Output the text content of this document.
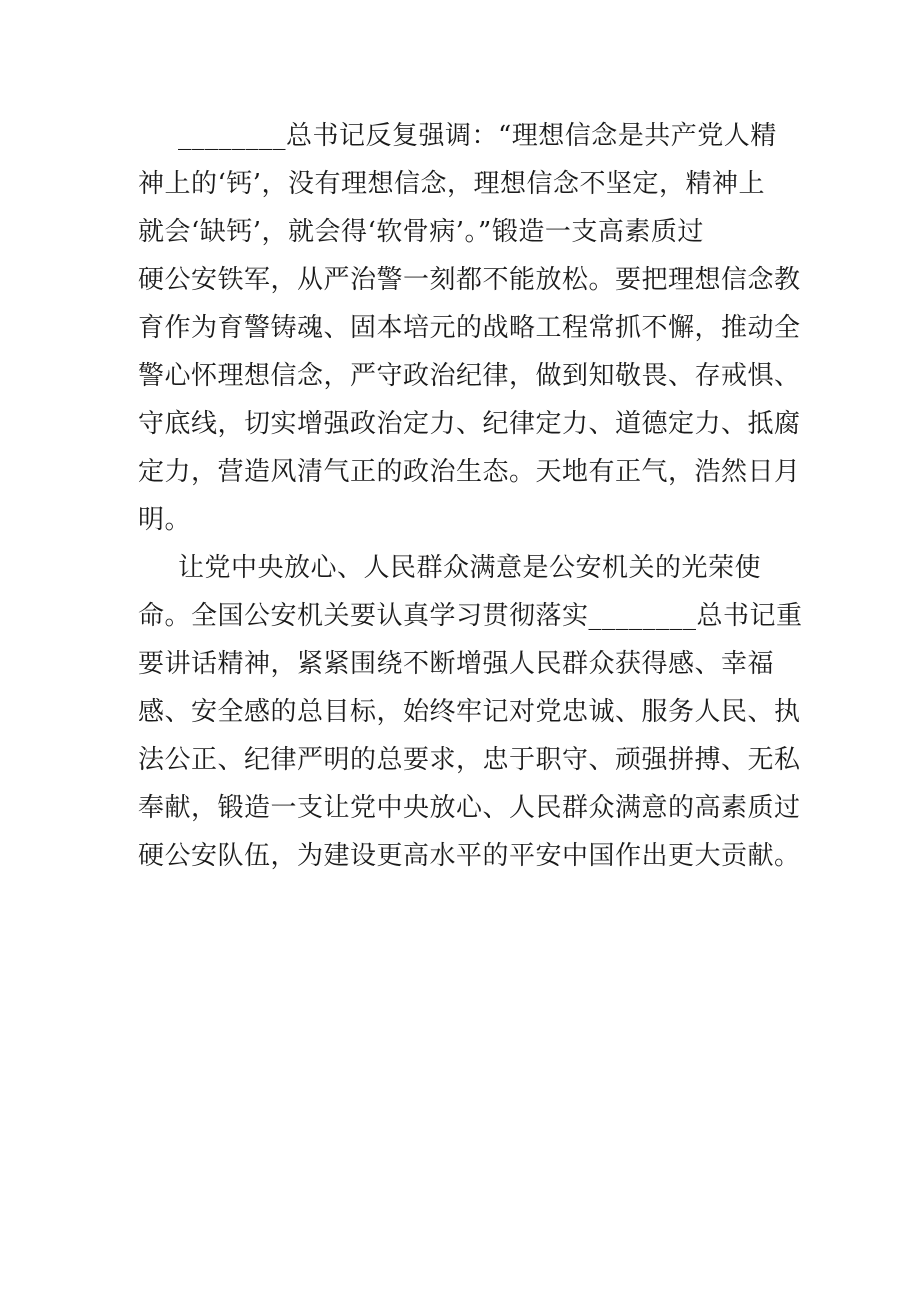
________总书记反复强调：“理想信念是共产党人精
神上的‘钙’，没有理想信念，理想信念不坚定，精神上
就会‘缺钙’，就会得‘软骨病’。”锻造一支高素质过
硬公安铁军，从严治警一刻都不能放松。要把理想信念教
育作为育警铸魂、固本培元的战略工程常抓不懈，推动全
警心怀理想信念，严守政治纪律，做到知敬畏、存戒惧、
守底线，切实增强政治定力、纪律定力、道德定力、抵腐
定力，营造风清气正的政治生态。天地有正气，浩然日月
明。
让党中央放心、人民群众满意是公安机关的光荣使
命。全国公安机关要认真学习贯彻落实________总书记重
要讲话精神，紧紧围绕不断增强人民群众获得感、幸福
感、安全感的总目标，始终牢记对党忠诚、服务人民、执
法公正、纪律严明的总要求，忠于职守、顽强拼搏、无私
奉献，锻造一支让党中央放心、人民群众满意的高素质过
硬公安队伍，为建设更高水平的平安中国作出更大贡献。
